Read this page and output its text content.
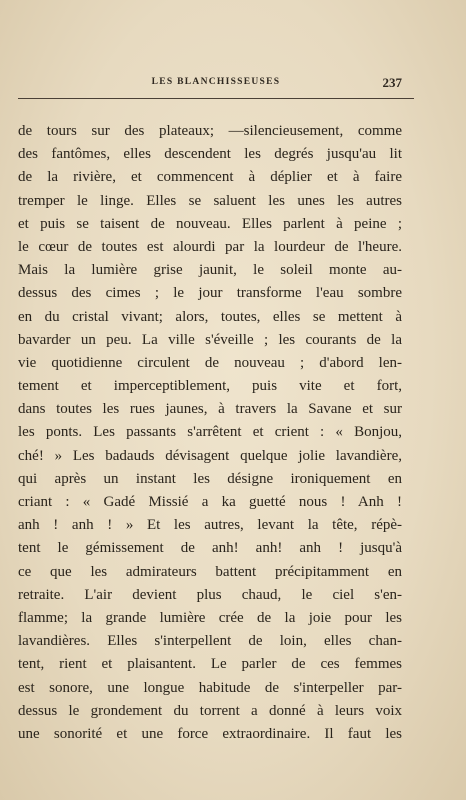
LES BLANCHISSEUSES	237
de tours sur des plateaux; —silencieusement, comme
des fantômes, elles descendent les degrés jusqu'au lit
de la rivière, et commencent à déplier et à faire
tremper le linge. Elles se saluent les unes les autres
et puis se taisent de nouveau. Elles parlent à peine ;
le cœur de toutes est alourdi par la lourdeur de l'heure.
Mais la lumière grise jaunit, le soleil monte au-
dessus des cimes ; le jour transforme l'eau sombre
en du cristal vivant; alors, toutes, elles se mettent à
bavarder un peu. La ville s'éveille ; les courants de la
vie quotidienne circulent de nouveau ; d'abord len-
tement et imperceptiblement, puis vite et fort,
dans toutes les rues jaunes, à travers la Savane et sur
les ponts. Les passants s'arrêtent et crient : « Bonjou,
ché! » Les badauds dévisagent quelque jolie lavandière,
qui après un instant les désigne ironiquement en
criant : « Gadé Missié a ka guetté nous ! Anh !
anh ! anh ! » Et les autres, levant la tête, répè-
tent le gémissement de anh! anh! anh ! jusqu'à
ce que les admirateurs battent précipitamment en
retraite. L'air devient plus chaud, le ciel s'en-
flamme; la grande lumière crée de la joie pour les
lavandières. Elles s'interpellent de loin, elles chan-
tent, rient et plaisantent. Le parler de ces femmes
est sonore, une longue habitude de s'interpeller par-
dessus le grondement du torrent a donné à leurs voix
une sonorité et une force extraordinaire. Il faut les
